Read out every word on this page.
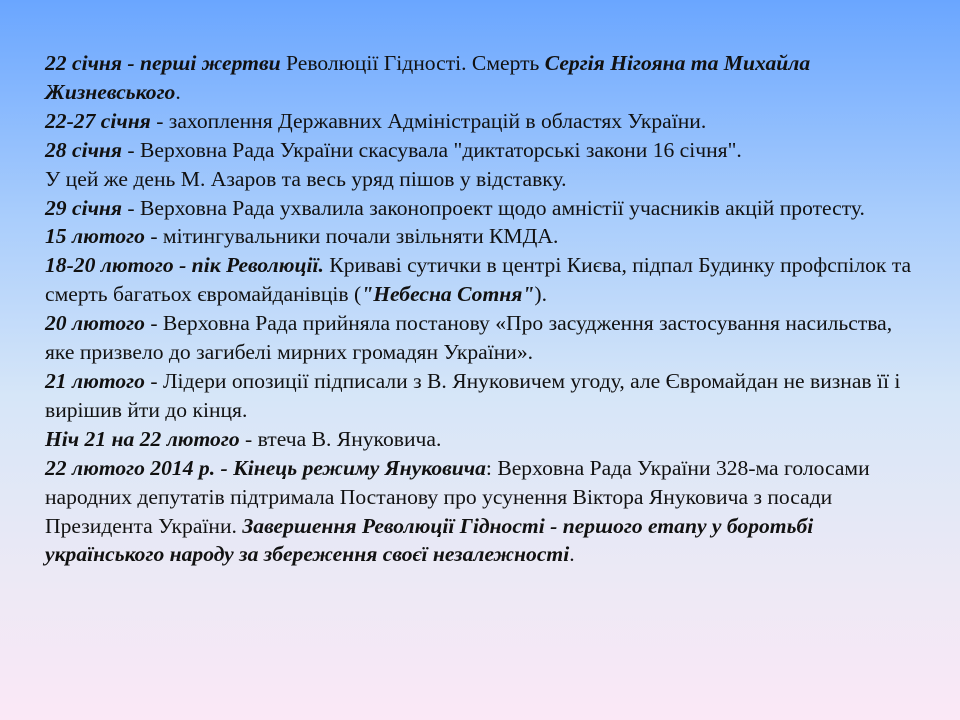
22 січня - перші жертви Революції Гідності. Смерть Сергія Нігояна та Михайла Жизневського.

22-27 січня - захоплення Державних Адміністрацій в областях України.

28 січня - Верховна Рада України скасувала "диктаторські закони 16 січня".

У цей же день М. Азаров та весь уряд пішов у відставку.

29 січня - Верховна Рада ухвалила законопроект щодо амністії учасників акцій протесту.

15 лютого - мітингувальники почали звільняти КМДА.

18-20 лютого - пік Революції. Криваві сутички в центрі Києва, підпал Будинку профспілок та смерть багатьох євромайданівців ("Небесна Сотня").

20 лютого - Верховна Рада прийняла постанову «Про засудження застосування насильства, яке призвело до загибелі мирних громадян України».

21 лютого - Лідери опозиції підписали з В. Януковичем угоду, але Євромайдан не визнав її і вирішив йти до кінця.

Ніч 21 на 22 лютого - втеча В. Януковича.

22 лютого 2014 р. - Кінець режиму Януковича: Верховна Рада України 328-ма голосами народних депутатів підтримала Постанову про усунення Віктора Януковича з посади Президента України. Завершення Революції Гідності - першого етапу у боротьбі українського народу за збереження своєї незалежності.
